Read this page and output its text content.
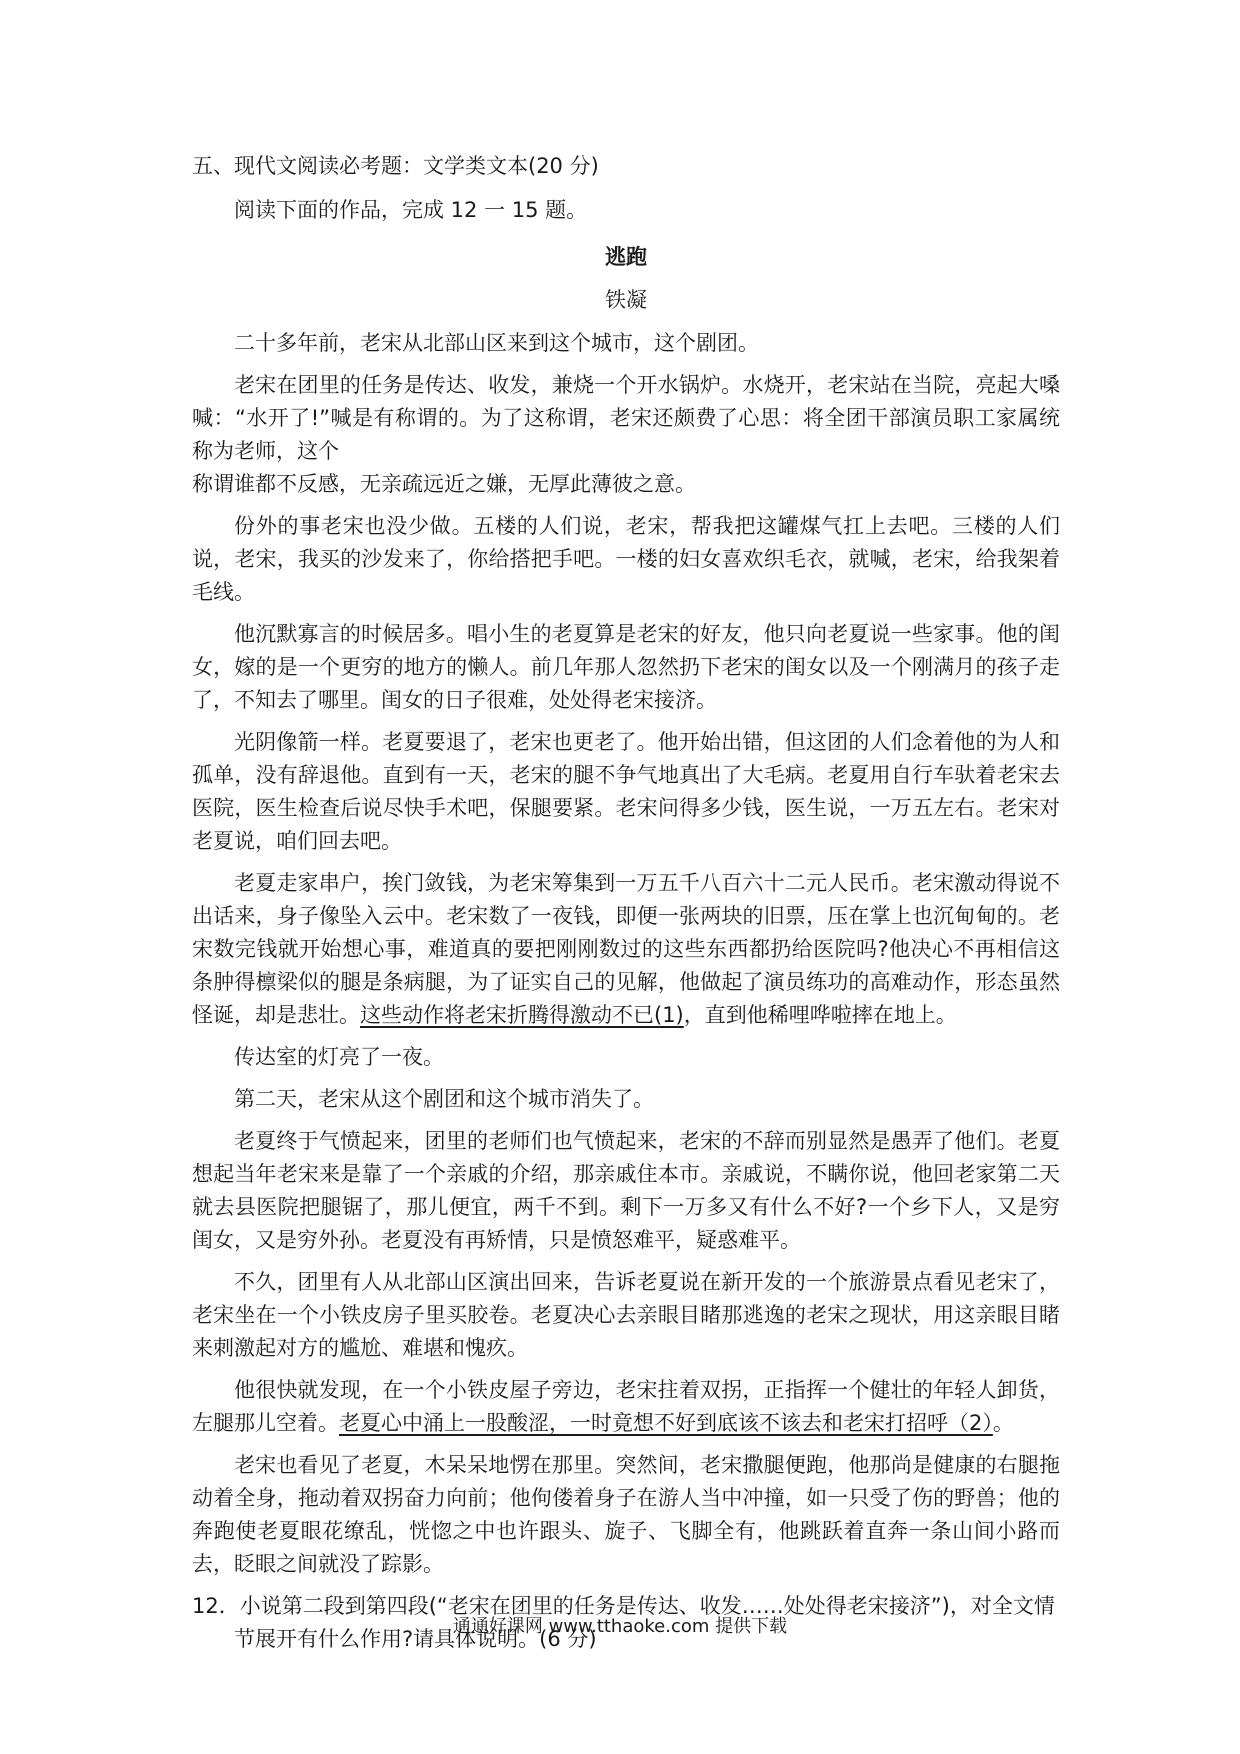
五、现代文阅读必考题：文学类文本(20 分)

阅读下面的作品，完成 12 一 15 题。

逃跑

铁凝

二十多年前，老宋从北部山区来到这个城市，这个剧团。

老宋在团里的任务是传达、收发，兼烧一个开水锅炉。水烧开，老宋站在当院，亮起大嗓喊：“水开了!”喊是有称谓的。为了这称谓，老宋还颇费了心思：将全团干部演员职工家属统称为老师，这个

称谓谁都不反感，无亲疏远近之嫌，无厚此薄彼之意。

份外的事老宋也没少做。五楼的人们说，老宋，帮我把这罐煤气扛上去吧。三楼的人们说，老宋，我买的沙发来了，你给搭把手吧。一楼的妇女喜欢织毛衣，就喊，老宋，给我架着毛线。

他沉默寡言的时候居多。唱小生的老夏算是老宋的好友，他只向老夏说一些家事。他的闺女，嫁的是一个更穷的地方的懒人。前几年那人忽然扔下老宋的闺女以及一个刚满月的孩子走了，不知去了哪里。闺女的日子很难，处处得老宋接济。

光阴像箭一样。老夏要退了，老宋也更老了。他开始出错，但这团的人们念着他的为人和孤单，没有辞退他。直到有一天，老宋的腿不争气地真出了大毛病。老夏用自行车驮着老宋去医院，医生检查后说尽快手术吧，保腿要紧。老宋问得多少钱，医生说，一万五左右。老宋对老夏说，咱们回去吧。

老夏走家串户，挨门敛钱，为老宋筹集到一万五千八百六十二元人民币。老宋激动得说不出话来，身子像坠入云中。老宋数了一夜钱，即便一张两块的旧票，压在掌上也沉甸甸的。老宋数完钱就开始想心事，难道真的要把刚刚数过的这些东西都扔给医院吗?他决心不再相信这条肿得檩梁似的腿是条病腿，为了证实自己的见解，他做起了演员练功的高难动作，形态虽然怪诞，却是悲壮。这些动作将老宋折腾得激动不已(1)，直到他稀哩哗啦摔在地上。

传达室的灯亮了一夜。

第二天，老宋从这个剧团和这个城市消失了。

老夏终于气愤起来，团里的老师们也气愤起来，老宋的不辞而别显然是愚弄了他们。老夏想起当年老宋来是靠了一个亲戚的介绍，那亲戚住本市。亲戚说，不瞒你说，他回老家第二天就去县医院把腿锯了，那儿便宜，两千不到。剩下一万多又有什么不好?一个乡下人，又是穷闺女，又是穷外孙。老夏没有再矫情，只是愤怒难平，疑惑难平。

不久，团里有人从北部山区演出回来，告诉老夏说在新开发的一个旅游景点看见老宋了，老宋坐在一个小铁皮房子里买胶卷。老夏决心去亲眼目睹那逃逸的老宋之现状，用这亲眼目睹来刺激起对方的尴尬、难堪和愧疚。

他很快就发现，在一个小铁皮屋子旁边，老宋拄着双拐，正指挥一个健壮的年轻人卸货，左腿那儿空着。老夏心中涌上一股酸涩，一时竟想不好到底该不该去和老宋打招呼（2）。

老宋也看见了老夏，木呆呆地愣在那里。突然间，老宋撒腿便跑，他那尚是健康的右腿拖动着全身，拖动着双拐奋力向前；他佝偻着身子在游人当中冲撞，如一只受了伤的野兽；他的奔跑使老夏眼花缭乱，恍惚之中也许跟头、旋子、飞脚全有，他跳跃着直奔一条山间小路而去，眨眼之间就没了踪影。

12．小说第二段到第四段(“老宋在团里的任务是传达、收发……处处得老宋接济”)，对全文情节展开有什么作用?请具体说明。(6 分)

通通好课网 www.tthaoke.com 提供下载
